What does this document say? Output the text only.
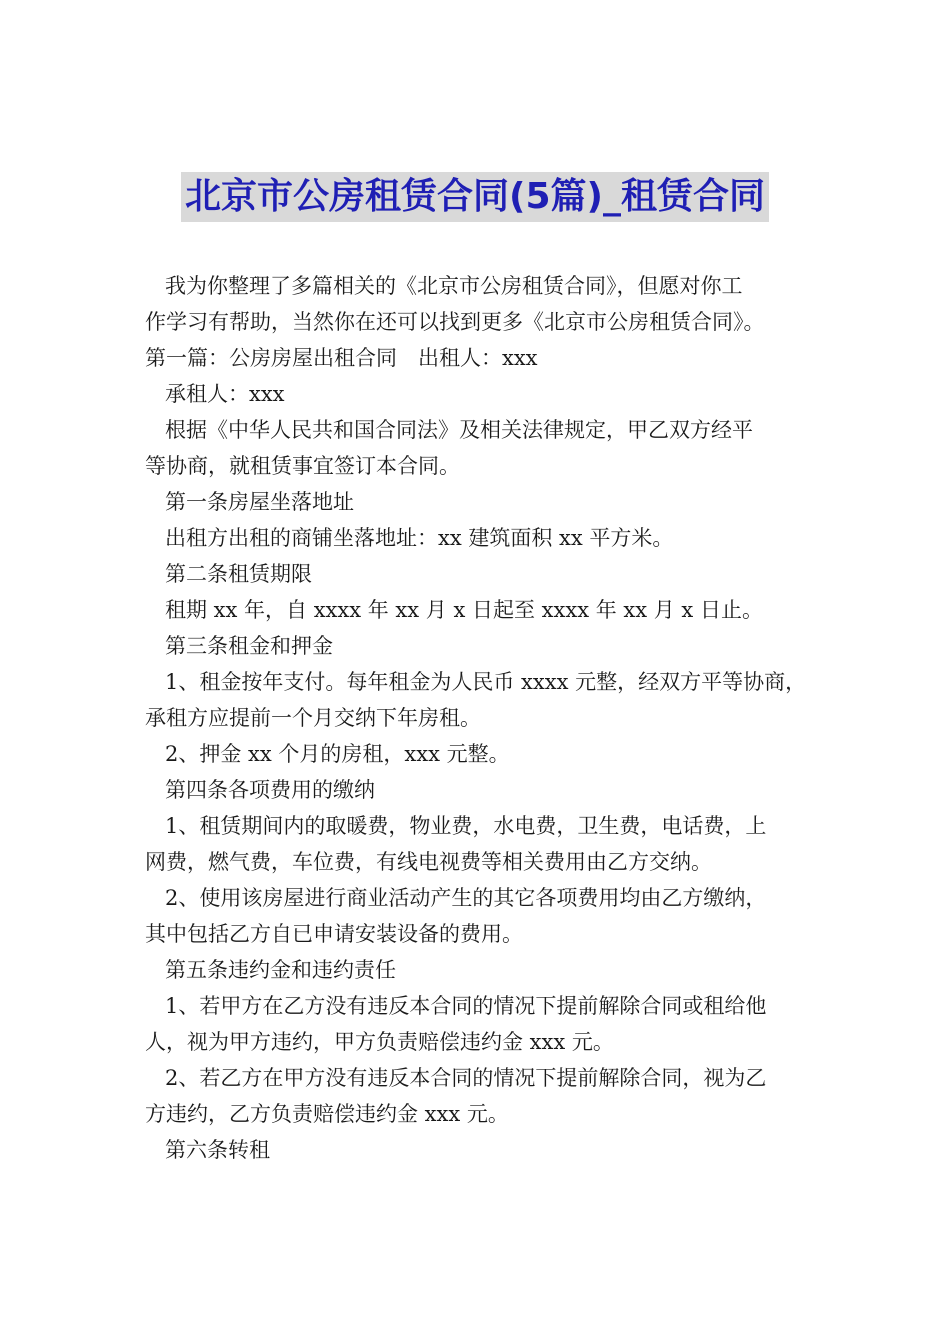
北京市公房租赁合同(5篇)_租赁合同

我为你整理了多篇相关的《北京市公房租赁合同》，但愿对你工

作学习有帮助，当然你在还可以找到更多《北京市公房租赁合同》。

第一篇：公房房屋出租合同　出租人：xxx

承租人：xxx

根据《中华人民共和国合同法》及相关法律规定，甲乙双方经平

等协商，就租赁事宜签订本合同。

第一条房屋坐落地址

出租方出租的商铺坐落地址：xx 建筑面积 xx 平方米。

第二条租赁期限

租期 xx 年，自 xxxx 年 xx 月 x 日起至 xxxx 年 xx 月 x 日止。

第三条租金和押金

1、租金按年支付。每年租金为人民币 xxxx 元整，经双方平等协商，

承租方应提前一个月交纳下年房租。

2、押金 xx 个月的房租，xxx 元整。

第四条各项费用的缴纳

1、租赁期间内的取暖费，物业费，水电费，卫生费，电话费，上

网费，燃气费，车位费，有线电视费等相关费用由乙方交纳。

2、使用该房屋进行商业活动产生的其它各项费用均由乙方缴纳，

其中包括乙方自已申请安装设备的费用。

第五条违约金和违约责任

1、若甲方在乙方没有违反本合同的情况下提前解除合同或租给他

人，视为甲方违约，甲方负责赔偿违约金 xxx 元。

2、若乙方在甲方没有违反本合同的情况下提前解除合同，视为乙

方违约，乙方负责赔偿违约金 xxx 元。

第六条转租
